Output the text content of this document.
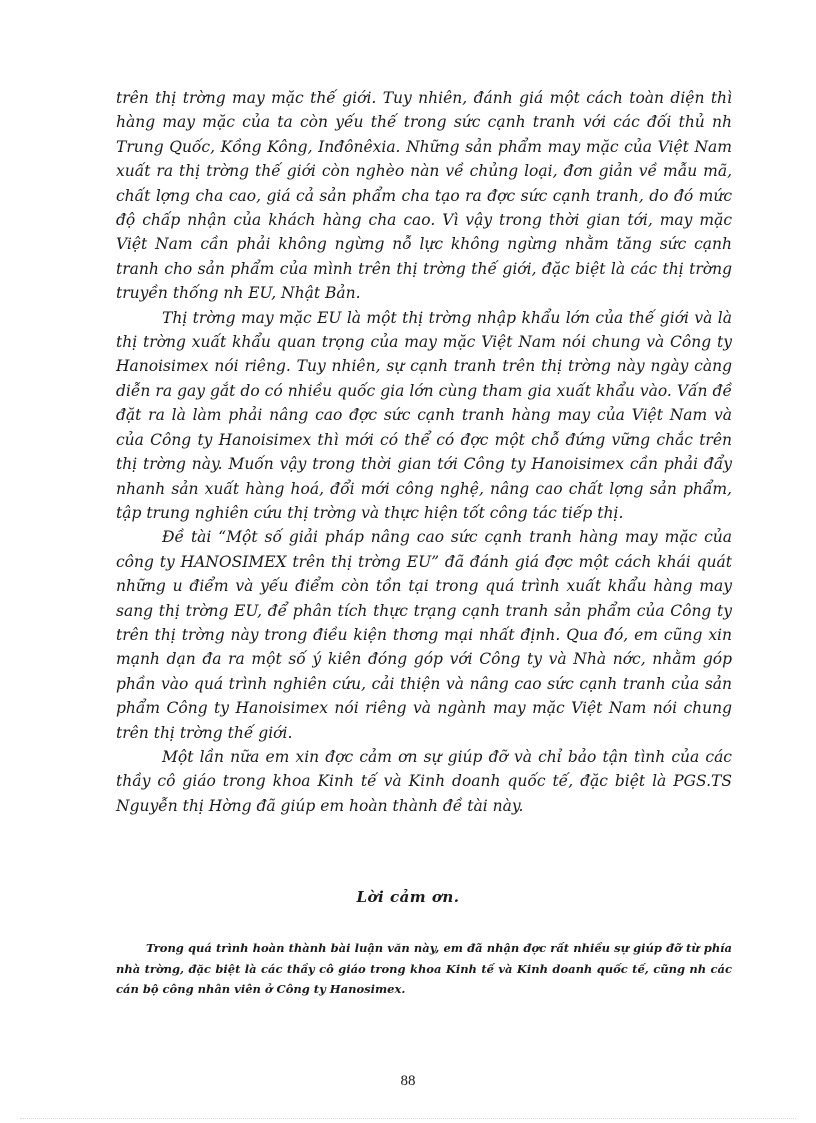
trên thị trờng may mặc thế giới. Tuy nhiên, đánh giá một cách toàn diện thì hàng may mặc của ta còn yếu thế trong sức cạnh tranh với các đối thủ nh Trung Quốc, Kồng Kông, Inđônêxia. Những sản phẩm may mặc của Việt Nam xuất ra thị trờng thế giới còn nghèo nàn về chủng loại, đơn giản về mẫu mã, chất lợng cha cao, giá cả sản phẩm cha tạo ra đợc sức cạnh tranh, do đó mức độ chấp nhận của khách hàng cha cao. Vì vậy trong thời gian tới, may mặc Việt Nam cần phải không ngừng nỗ lực không ngừng nhằm tăng sức cạnh tranh cho sản phẩm của mình trên thị trờng thế giới, đặc biệt là các thị trờng truyền thống nh EU, Nhật Bản.

Thị trờng may mặc EU là một thị trờng nhập khẩu lớn của thế giới và là thị trờng xuất khẩu quan trọng của may mặc Việt Nam nói chung và Công ty Hanoisimex nói riêng. Tuy nhiên, sự cạnh tranh trên thị trờng này ngày càng diễn ra gay gắt do có nhiều quốc gia lớn cùng tham gia xuất khẩu vào. Vấn đề đặt ra là làm phải nâng cao đợc sức cạnh tranh hàng may của Việt Nam và của Công ty Hanoisimex thì mới có thể có đợc một chỗ đứng vững chắc trên thị trờng này. Muốn vậy trong thời gian tới Công ty Hanoisimex cần phải đẩy nhanh sản xuất hàng hoá, đổi mới công nghệ, nâng cao chất lợng sản phẩm, tập trung nghiên cứu thị trờng và thực hiện tốt công tác tiếp thị.

Đề tài “Một số giải pháp nâng cao sức cạnh tranh hàng may mặc của công ty HANOSIMEX trên thị trờng EU” đã đánh giá đợc một cách khái quát những u điểm và yếu điểm còn tồn tại trong quá trình xuất khẩu hàng may sang thị trờng EU, để phân tích thực trạng cạnh tranh sản phẩm của Công ty trên thị trờng này trong điều kiện thơng mại nhất định. Qua đó, em cũng xin mạnh dạn đa ra một số ý kiên đóng góp với Công ty và Nhà nớc, nhằm góp phần vào quá trình nghiên cứu, cải thiện và nâng cao sức cạnh tranh của sản phẩm Công ty Hanoisimex nói riêng và ngành may mặc Việt Nam nói chung trên thị trờng thế giới.

Một lần nữa em xin đợc cảm ơn sự giúp đỡ và chỉ bảo tận tình của các thầy cô giáo trong khoa Kinh tế và Kinh doanh quốc tế, đặc biệt là PGS.TS Nguyễn thị Hờng đã giúp em hoàn thành đề tài này.

Lời cảm ơn.

Trong quá trình hoàn thành bài luận văn này, em đã nhận đợc rất nhiều sự giúp đỡ từ phía nhà trờng, đặc biệt là các thầy cô giáo trong khoa Kinh tế và Kinh doanh quốc tế, cũng nh các cán bộ công nhân viên ở Công ty Hanosimex.

88
